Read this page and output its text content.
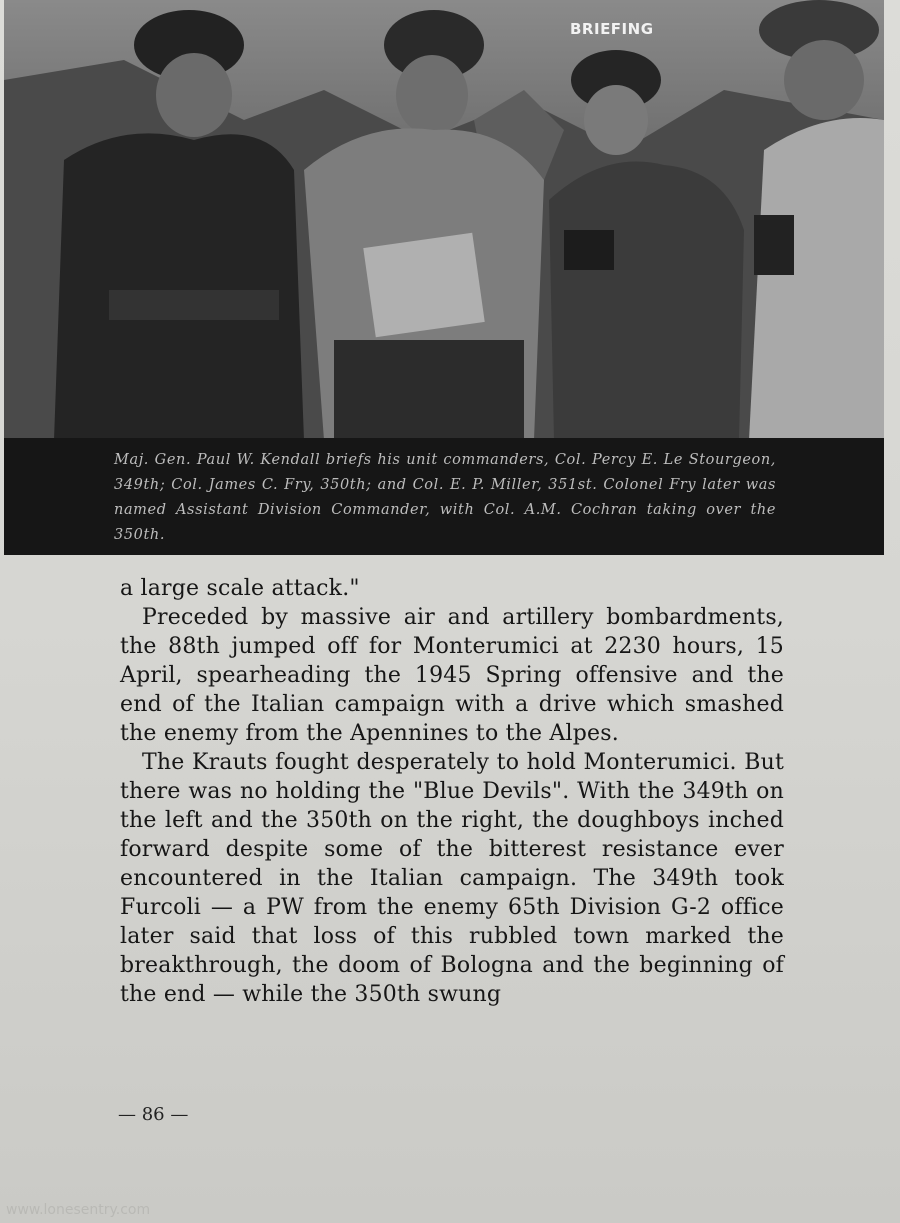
BRIEFING

Maj. Gen. Paul W. Kendall briefs his unit commanders, Col. Percy E. Le Stourgeon, 349th; Col. James C. Fry, 350th; and Col. E. P. Miller, 351st. Colonel Fry later was named Assistant Division Commander, with Col. A.M. Cochran taking over the 350th.

a large scale attack."

Preceded by massive air and artillery bombardments, the 88th jumped off for Monterumici at 2230 hours, 15 April, spearheading the 1945 Spring offensive and the end of the Italian campaign with a drive which smashed the enemy from the Apennines to the Alpes.

The Krauts fought desperately to hold Monterumici. But there was no holding the "Blue Devils". With the 349th on the left and the 350th on the right, the doughboys inched forward despite some of the bitterest resistance ever encountered in the Italian campaign. The 349th took Furcoli — a PW from the enemy 65th Division G-2 office later said that loss of this rubbled town marked the breakthrough, the doom of Bologna and the beginning of the end — while the 350th swung

— 86 —
www.lonesentry.com
